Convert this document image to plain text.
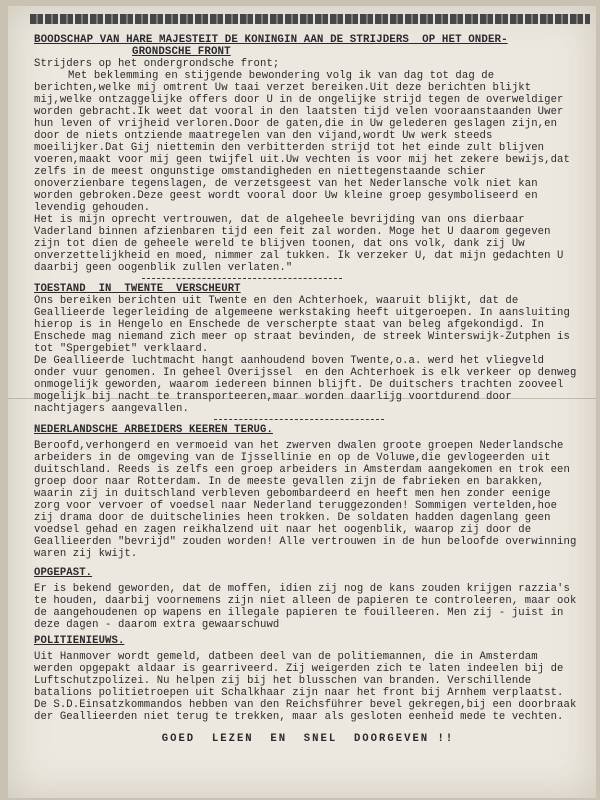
BOODSCHAP VAN HARE MAJESTEIT DE KONINGIN AAN DE STRIJDERS  OP HET ONDER-

GRONDSCHE FRONT

Strijders op het ondergrondsche front;

Met beklemming en stijgende bewondering volg ik van dag tot dag de berichten,welke mij omtrent Uw taai verzet bereiken.Uit deze berichten blijkt mij,welke ontzaggelijke offers door U in de ongelijke strijd tegen de overweldiger worden gebracht.Ik weet dat vooral in den laatsten tijd velen vooraanstaanden Uwer hun leven of vrijheid verloren.Door de gaten,die in Uw gelederen geslagen zijn,en door de niets ontziende maatregelen van den vijand,wordt Uw werk steeds moeilijker.Dat Gij niettemin den verbitterden strijd tot het einde zult blijven voeren,maakt voor mij geen twijfel uit.Uw vechten is voor mij het zekere bewijs,dat zelfs in de meest ongunstige omstandigheden en niettegenstaande schier onoverzienbare tegenslagen, de verzetsgeest van het Nederlansche volk niet kan worden gebroken.Deze geest wordt vooral door Uw kleine groep gesymboliseerd en levendig gehouden.

Het is mijn oprecht vertrouwen, dat de algeheele bevrijding van ons dierbaar Vaderland binnen afzienbaren tijd een feit zal worden. Moge het U daarom gegeven zijn tot dien de geheele wereld te blijven toonen, dat ons volk, dank zij Uw onverzettelijkheid en moed, nimmer zal tukken. Ik verzeker U, dat mijn gedachten U daarbij geen oogenblik zullen verlaten."

TOESTAND  IN  TWENTE  VERSCHEURT

Ons bereiken berichten uit Twente en den Achterhoek, waaruit blijkt, dat de Geallieerde legerleiding de algemeene werkstaking heeft uitgeroepen. In aansluiting hierop is in Hengelo en Enschede de verscherpte staat van beleg afgekondigd. In Enschede mag niemand zich meer op straat bevinden, de streek Winterswijk-Zutphen is tot "Spergebiet" verklaard.
De Geallieerde luchtmacht hangt aanhoudend boven Twente,o.a. werd het vliegveld onder vuur genomen. In geheel Overijssel  en den Achterhoek is elk verkeer op denweg onmogelijk geworden, waarom iedereen binnen blijft. De duitschers trachten zooveel mogelijk bij nacht te transporteeren,maar worden daarlijg voortdurend door nachtjagers aangevallen.

NEDERLANDSCHE ARBEIDERS KEEREN TERUG.

Beroofd,verhongerd en vermoeid van het zwerven dwalen groote groepen Nederlandsche arbeiders in de omgeving van de Ijssellinie en op de Voluwe,die gevlogeerden uit duitschland. Reeds is zelfs een groep arbeiders in Amsterdam aangekomen en trok een groep door naar Rotterdam. In de meeste gevallen zijn de fabrieken en barakken, waarin zij in duitschland verbleven gebombardeerd en heeft men hen zonder eenige zorg voor vervoer of voedsel naar Nederland teruggezonden! Sommigen vertelden,hoe zij drama door de duitschelinies heen trokken. De soldaten hadden dagenlang geen voedsel gehad en zagen reikhalzend uit naar het oogenblik, waarop zij door de Geallieerden "bevrijd" zouden worden! Alle vertrouwen in de hun beloofde overwinning waren zij kwijt.

OPGEPAST.

Er is bekend geworden, dat de moffen, idien zij nog de kans zouden krijgen razzia's te houden, daarbij voornemens zijn niet alleen de papieren te controleeren, maar ook de aangehoudenen op wapens en illegale papieren te fouilleeren. Men zij - juist in deze dagen - daarom extra gewaarschuwd

POLITIENIEUWS.

Uit Hanmover wordt gemeld, datbeen deel van de politiemannen, die in Amsterdam werden opgepakt aldaar is gearriveerd. Zij weigerden zich te laten indeelen bij de Luftschutzpolizei. Nu helpen zij bij het blusschen van branden. Verschillende batalions politietroepen uit Schalkhaar zijn naar het front bij Arnhem verplaatst.
De S.D.Einsatzkommandos hebben van den Reichsführer bevel gekregen,bij een doorbraak der Geallieerden niet terug te trekken, maar als gesloten eenheid mede te vechten.

GOED  LEZEN  EN  SNEL  DOORGEVEN !!
